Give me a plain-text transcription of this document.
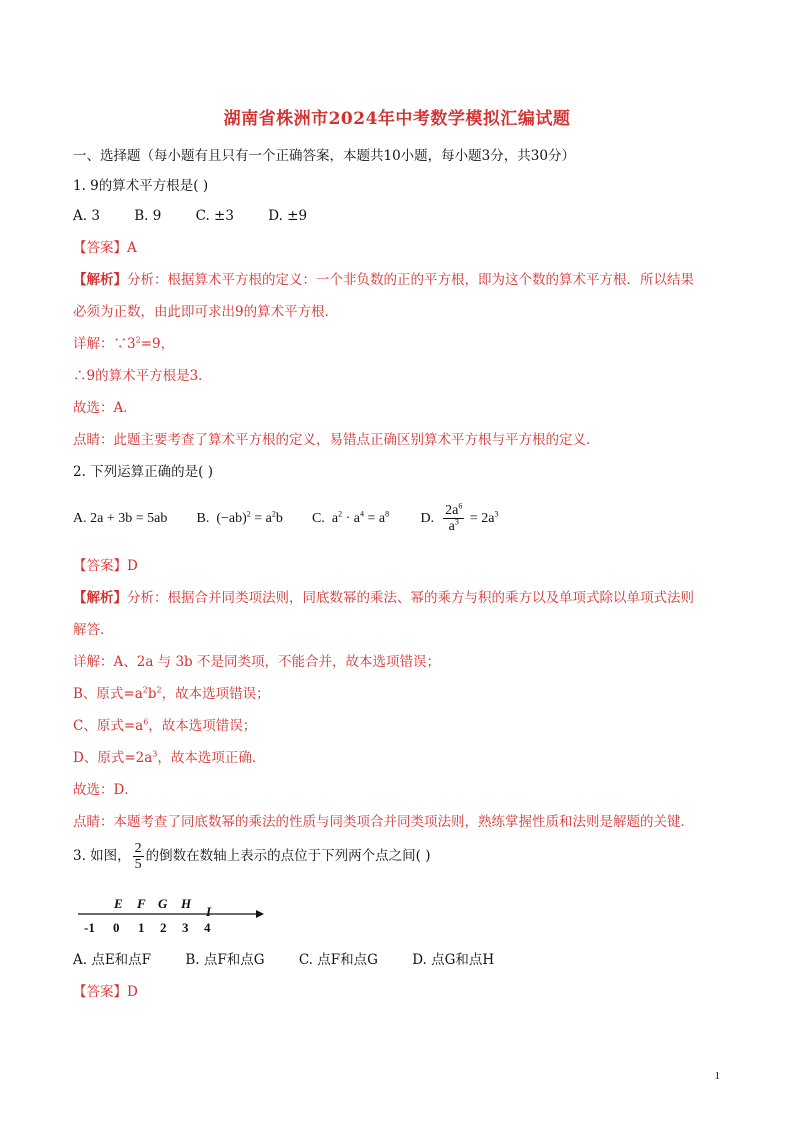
湖南省株洲市2024年中考数学模拟汇编试题
一、选择题（每小题有且只有一个正确答案，本题共10小题，每小题3分，共30分）
1. 9的算术平方根是( )
A. 3	B. 9	C. ±3	D. ±9
【答案】A
【解析】分析：根据算术平方根的定义：一个非负数的正的平方根，即为这个数的算术平方根．所以结果
必须为正数，由此即可求出9的算术平方根．
详解：$\because 3^2=9$，
∴9的算术平方根是3．
故选：A．
点睛：此题主要考查了算术平方根的定义，易错点正确区别算术平方根与平方根的定义．
2. 下列运算正确的是( )
A. 2a + 3b = 5ab B. $(-ab)^2 = a^2b$ C. $a^2 \cdot a^4 = a^8$ D. $\frac{2a^6}{a^3} = 2a^3$
【答案】D
【解析】分析：根据合并同类项法则，同底数幂的乘法、幂的乘方与积的乘方以及单项式除以单项式法则
解答．
详解：A、2a 与 3b 不是同类项，不能合并，故本选项错误；
B、原式$=a^2b^2$，故本选项错误；
C、原式$=a^6$，故本选项错误；
D、原式$=2a^3$，故本选项正确．
故选：D．
点睛：本题考查了同底数幂的乘法的性质与同类项合并同类项法则，熟练掌握性质和法则是解题的关键．
3. 如图， $\frac{2}{5}$ 的倒数在数轴上表示的点位于下列两个点之间( )
E F G H
I
-1 0 1 2 3 4
A. 点E和点F	B. 点F和点G	C. 点F和点G	D. 点G和点H
【答案】D
1
